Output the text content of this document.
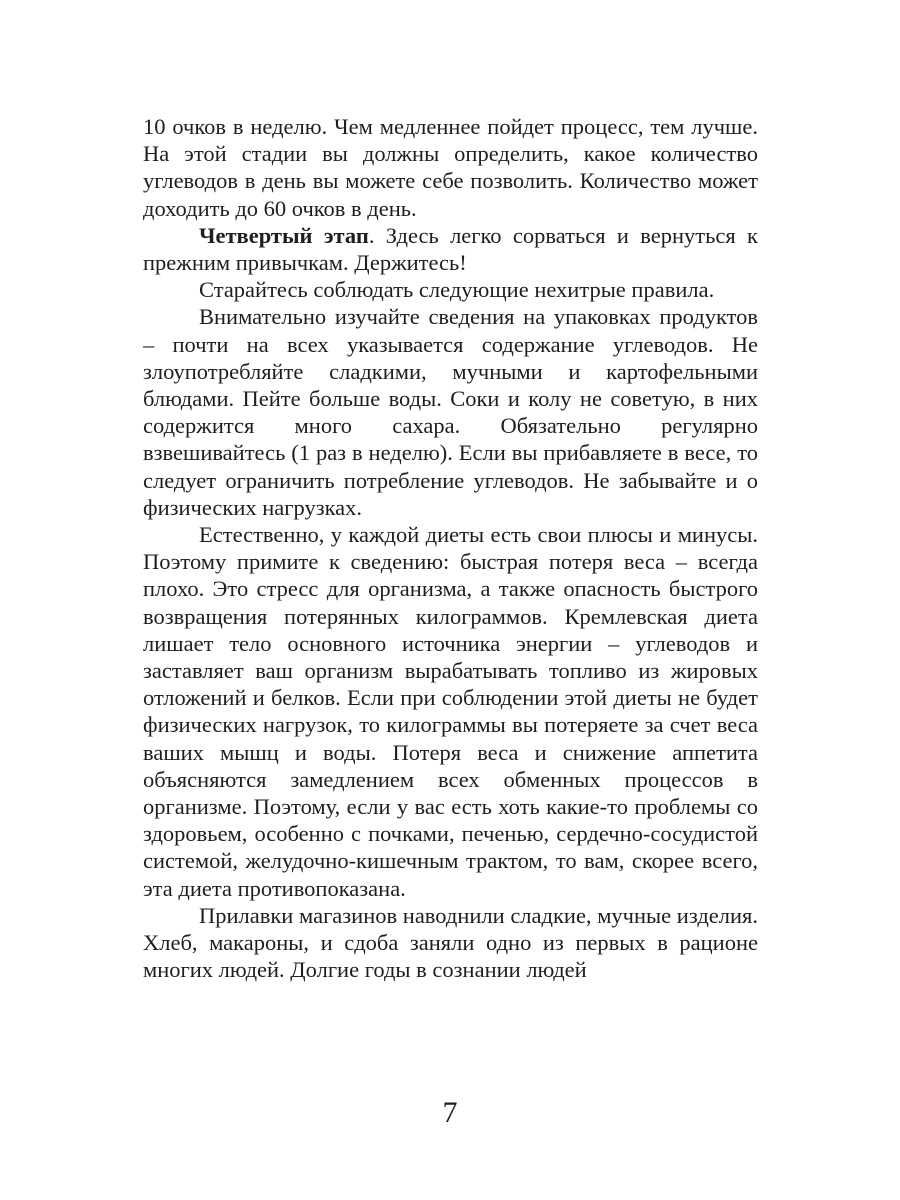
10 очков в неделю. Чем медленнее пойдет процесс, тем лучше. На этой стадии вы должны определить, какое количество углеводов в день вы можете себе позволить. Количество может доходить до 60 очков в день.

Четвертый этап. Здесь легко сорваться и вернуться к прежним привычкам. Держитесь!

Старайтесь соблюдать следующие нехитрые правила.

Внимательно изучайте сведения на упаковках продуктов – почти на всех указывается содержание углеводов. Не злоупотребляйте сладкими, мучными и картофельными блюдами. Пейте больше воды. Соки и колу не советую, в них содержится много сахара. Обязательно регулярно взвешивайтесь (1 раз в неделю). Если вы прибавляете в весе, то следует ограничить потребление углеводов. Не забывайте и о физических нагрузках.

Естественно, у каждой диеты есть свои плюсы и минусы. Поэтому примите к сведению: быстрая потеря веса – всегда плохо. Это стресс для организма, а также опасность быстрого возвращения потерянных килограммов. Кремлевская диета лишает тело основного источника энергии – углеводов и заставляет ваш организм вырабатывать топливо из жировых отложений и белков. Если при соблюдении этой диеты не будет физических нагрузок, то килограммы вы потеряете за счет веса ваших мышц и воды. Потеря веса и снижение аппетита объясняются замедлением всех обменных процессов в организме. Поэтому, если у вас есть хоть какие-то проблемы со здоровьем, особенно с почками, печенью, сердечно-сосудистой системой, желудочно-кишечным трактом, то вам, скорее всего, эта диета противопоказана.

Прилавки магазинов наводнили сладкие, мучные изделия. Хлеб, макароны, и сдоба заняли одно из первых в рационе многих людей. Долгие годы в сознании людей

7
